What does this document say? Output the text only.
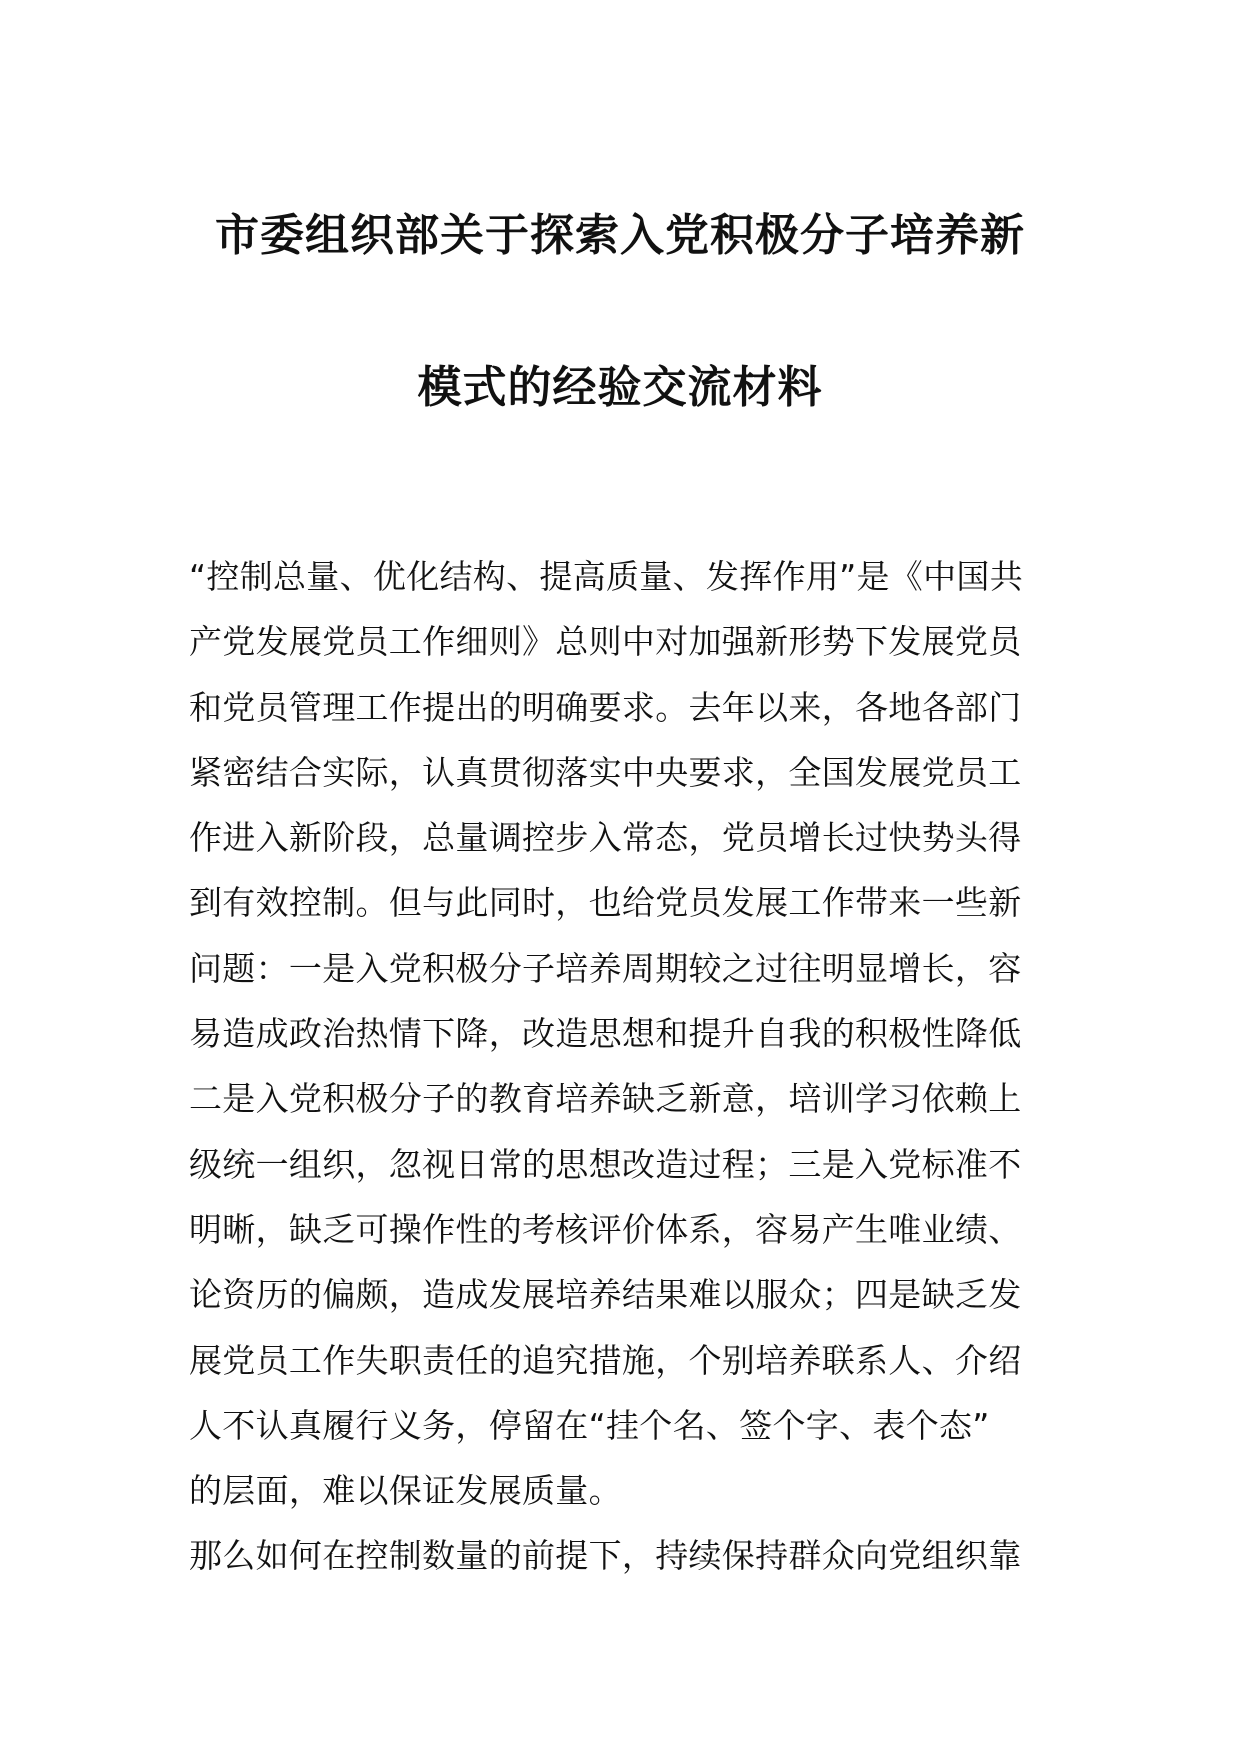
市委组织部关于探索入党积极分子培养新
模式的经验交流材料
“控制总量、优化结构、提高质量、发挥作用”是《中国共
产党发展党员工作细则》总则中对加强新形势下发展党员
和党员管理工作提出的明确要求。去年以来，各地各部门
紧密结合实际，认真贯彻落实中央要求，全国发展党员工
作进入新阶段，总量调控步入常态，党员增长过快势头得
到有效控制。但与此同时，也给党员发展工作带来一些新
问题：一是入党积极分子培养周期较之过往明显增长，容
易造成政治热情下降，改造思想和提升自我的积极性降低
二是入党积极分子的教育培养缺乏新意，培训学习依赖上
级统一组织，忽视日常的思想改造过程；三是入党标准不
明晰，缺乏可操作性的考核评价体系，容易产生唯业绩、
论资历的偏颇，造成发展培养结果难以服众；四是缺乏发
展党员工作失职责任的追究措施，个别培养联系人、介绍
人不认真履行义务，停留在“挂个名、签个字、表个态”
的层面，难以保证发展质量。
那么如何在控制数量的前提下，持续保持群众向党组织靠
